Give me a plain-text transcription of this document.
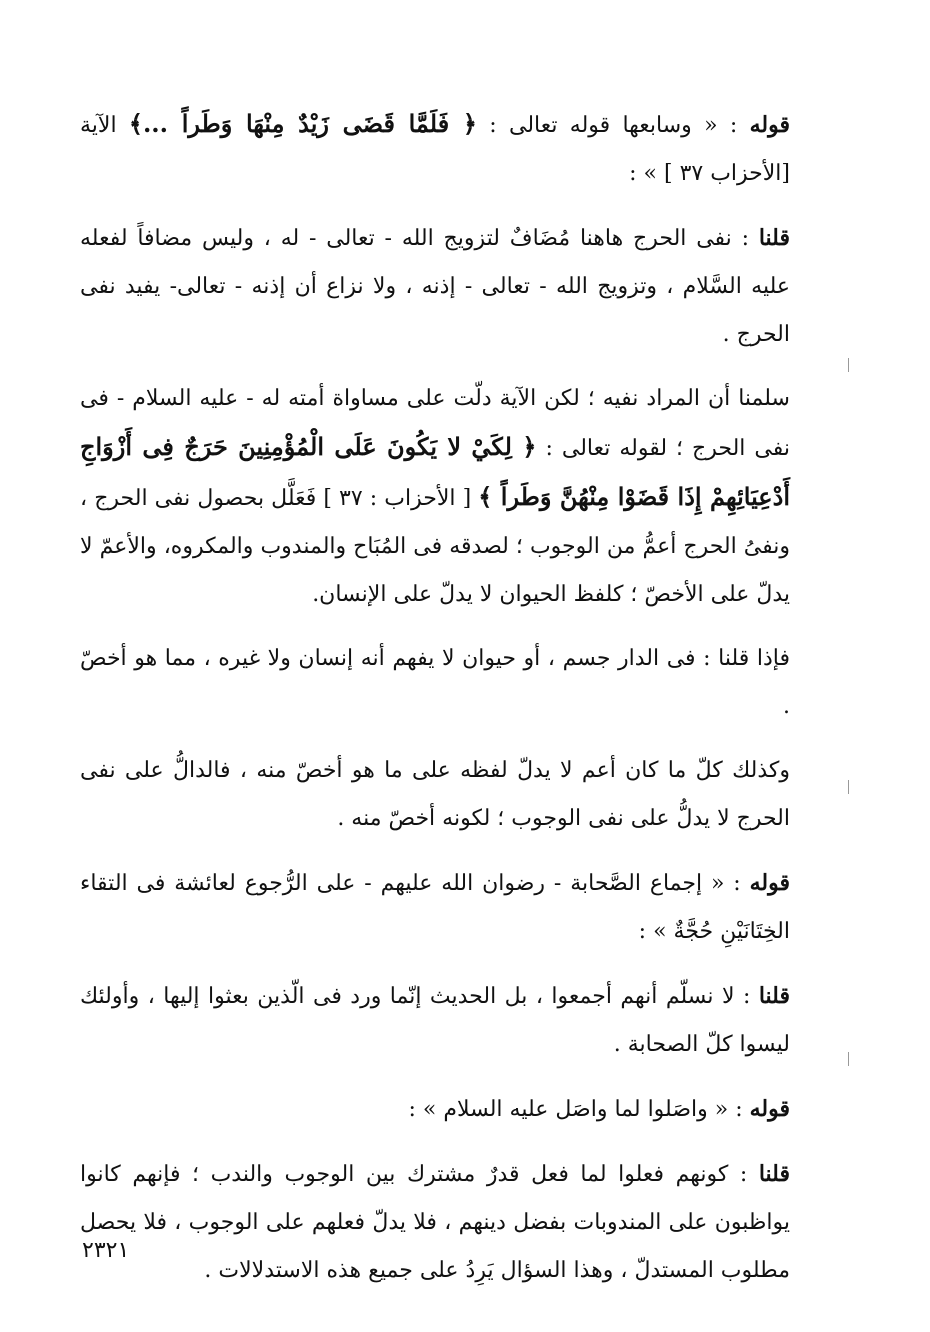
قوله : « وسابعها قوله تعالى : ﴿ فَلَمَّا قَضَى زَيْدٌ مِنْهَا وَطَراً ...﴾ الآية [الأحزاب ٣٧ ] » :

قلنا : نفى الحرج هاهنا مُضَافٌ لتزويج الله - تعالى - له ، وليس مضافاً لفعله عليه السَّلام ، وتزويج الله - تعالى - إذنه ، ولا نزاع أن إذنه - تعالى- يفيد نفى الحرج .

سلمنا أن المراد نفيه ؛ لكن الآية دلّت على مساواة أمته له - عليه السلام - فى نفى الحرج ؛ لقوله تعالى : ﴿ لِكَيْ لا يَكُونَ عَلَى الْمُؤْمِنِينَ حَرَجٌ فِى أَزْوَاجِ أَدْعِيَائِهِمْ إِذَا قَضَوْا مِنْهُنَّ وَطَراً ﴾ [ الأحزاب : ٣٧ ] فَعَلَّل بحصول نفى الحرج ، ونفىُ الحرج أعمُّ من الوجوب ؛ لصدقه فى المُبَاح والمندوب والمكروه، والأعمّ لا يدلّ على الأخصّ ؛ كلفظ الحيوان لا يدلّ على الإنسان.

فإذا قلنا : فى الدار جسم ، أو حيوان لا يفهم أنه إنسان ولا غيره ، مما هو أخصّ .

وكذلك كلّ ما كان أعم لا يدلّ لفظه على ما هو أخصّ منه ، فالدالُّ على نفى الحرج لا يدلُّ على نفى الوجوب ؛ لكونه أخصّ منه .

قوله : « إجماع الصَّحابة - رضوان الله عليهم - على الرُّجوع لعائشة فى التقاء الخِتَانَيْنِ حُجَّةٌ » :

قلنا : لا نسلّم أنهم أجمعوا ، بل الحديث إنّما ورد فى الّذين بعثوا إليها ، وأولئك ليسوا كلّ الصحابة .

قوله : « واصَلوا لما واصَل عليه السلام » :

قلنا : كونهم فعلوا لما فعل قدرٌ مشترك بين الوجوب والندب ؛ فإنهم كانوا يواظبون على المندوبات بفضل دينهم ، فلا يدلّ فعلهم على الوجوب ، فلا يحصل مطلوب المستدلّ ، وهذا السؤال يَرِدُ على جميع هذه الاستدلالات .

٢٣٢١
